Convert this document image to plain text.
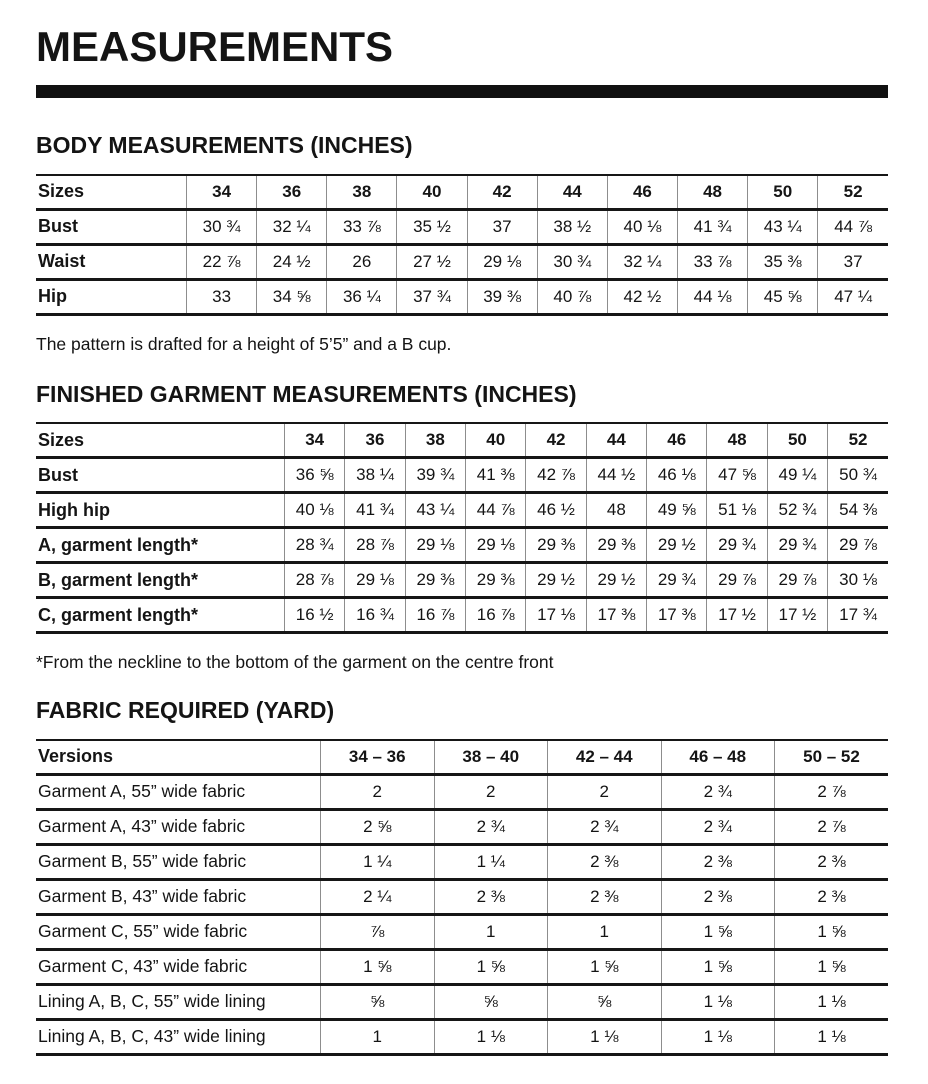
MEASUREMENTS
BODY MEASUREMENTS (INCHES)
Sizes	34	36	38	40	42	44	46	48	50	52
Bust	30 ¾	32 ¼	33 ⅞	35 ½	37	38 ½	40 ⅛	41 ¾	43 ¼	44 ⅞
Waist	22 ⅞	24 ½	26	27 ½	29 ⅛	30 ¾	32 ¼	33 ⅞	35 ⅜	37
Hip	33	34 ⅝	36 ¼	37 ¾	39 ⅜	40 ⅞	42 ½	44 ⅛	45 ⅝	47 ¼

The pattern is drafted for a height of 5’5” and a B cup.

FINISHED GARMENT MEASUREMENTS (INCHES)
Sizes	34	36	38	40	42	44	46	48	50	52
Bust	36 ⅝	38 ¼	39 ¾	41 ⅜	42 ⅞	44 ½	46 ⅛	47 ⅝	49 ¼	50 ¾
High hip	40 ⅛	41 ¾	43 ¼	44 ⅞	46 ½	48	49 ⅝	51 ⅛	52 ¾	54 ⅜
A, garment length*	28 ¾	28 ⅞	29 ⅛	29 ⅛	29 ⅜	29 ⅜	29 ½	29 ¾	29 ¾	29 ⅞
B, garment length*	28 ⅞	29 ⅛	29 ⅜	29 ⅜	29 ½	29 ½	29 ¾	29 ⅞	29 ⅞	30 ⅛
C, garment length*	16 ½	16 ¾	16 ⅞	16 ⅞	17 ⅛	17 ⅜	17 ⅜	17 ½	17 ½	17 ¾

*From the neckline to the bottom of the garment on the centre front

FABRIC REQUIRED (YARD)
Versions	34 – 36	38 – 40	42 – 44	46 – 48	50 – 52
Garment A, 55” wide fabric	2	2	2	2 ¾	2 ⅞
Garment A, 43” wide fabric	2 ⅝	2 ¾	2 ¾	2 ¾	2 ⅞
Garment B, 55” wide fabric	1 ¼	1 ¼	2 ⅜	2 ⅜	2 ⅜
Garment B, 43” wide fabric	2 ¼	2 ⅜	2 ⅜	2 ⅜	2 ⅜
Garment C, 55” wide fabric	⅞	1	1	1 ⅝	1 ⅝
Garment C, 43” wide fabric	1 ⅝	1 ⅝	1 ⅝	1 ⅝	1 ⅝
Lining A, B, C, 55” wide lining	⅝	⅝	⅝	1 ⅛	1 ⅛
Lining A, B, C, 43” wide lining	1	1 ⅛	1 ⅛	1 ⅛	1 ⅛
